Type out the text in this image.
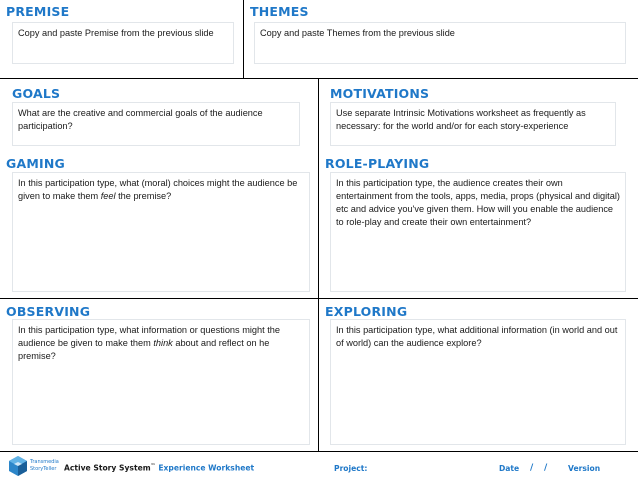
PREMISE
Copy and paste Premise from the previous slide
THEMES
Copy and paste Themes from the previous slide
GOALS
What are the creative and commercial goals of the audience participation?
MOTIVATIONS
Use separate Intrinsic Motivations worksheet as frequently as necessary: for the world and/or for each story-experience
GAMING
In this participation type, what (moral) choices might the audience be given to make them feel the premise?
ROLE-PLAYING
In this participation type, the audience creates their own entertainment from the tools, apps, media, props (physical and digital) etc and advice you've given them. How will you enable the audience to role-play and create their own entertainment?
OBSERVING
In this participation type, what information or questions might the audience be given to make them think about and reflect on he premise?
EXPLORING
In this participation type, what additional information (in world and out of world) can the audience explore?
Transmedia
StoryTeller Active Story System™ Experience Worksheet	Project:	Date / /	Version
